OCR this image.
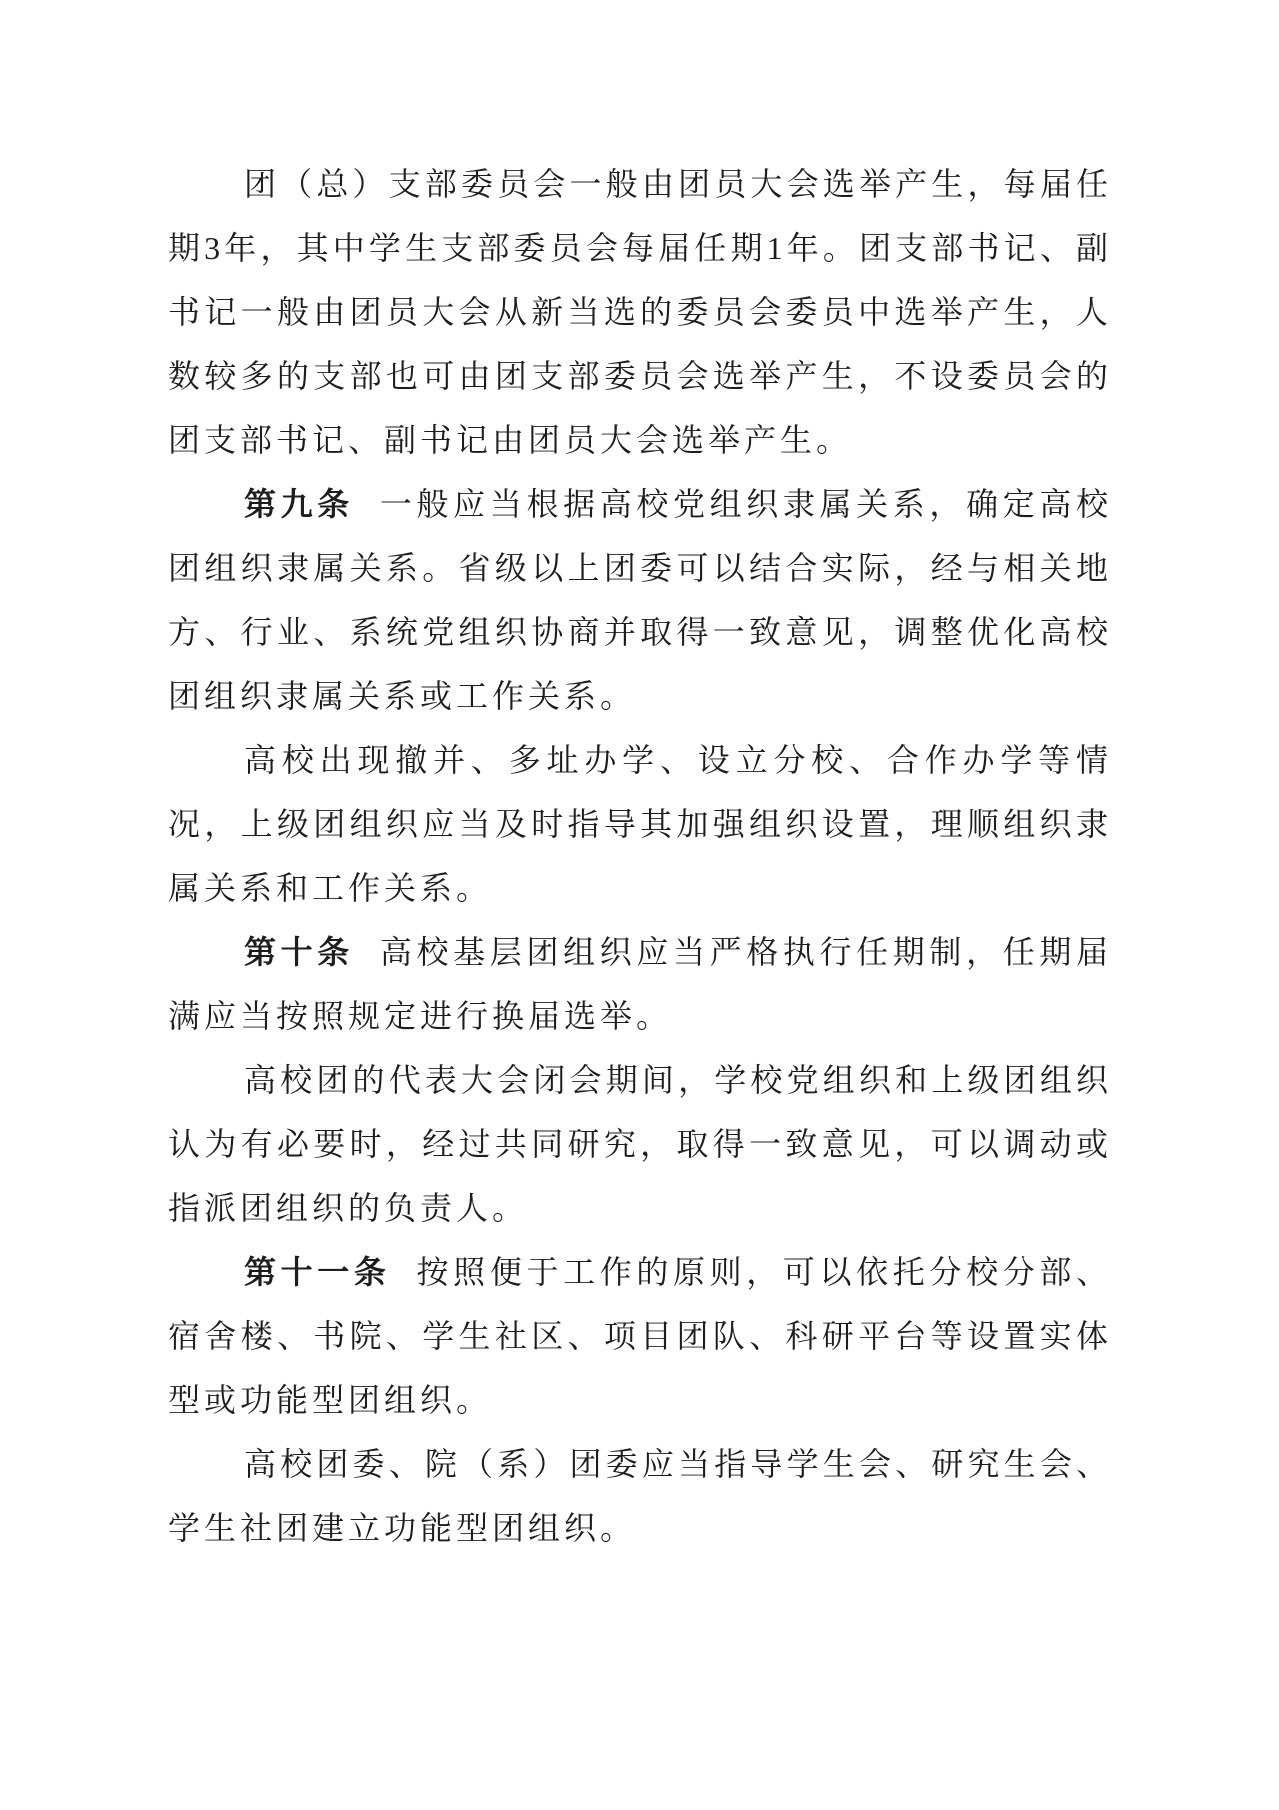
团（总）支部委员会一般由团员大会选举产生，每届任期3年，其中学生支部委员会每届任期1年。团支部书记、副书记一般由团员大会从新当选的委员会委员中选举产生，人数较多的支部也可由团支部委员会选举产生，不设委员会的团支部书记、副书记由团员大会选举产生。

第九条 一般应当根据高校党组织隶属关系，确定高校团组织隶属关系。省级以上团委可以结合实际，经与相关地方、行业、系统党组织协商并取得一致意见，调整优化高校团组织隶属关系或工作关系。

高校出现撤并、多址办学、设立分校、合作办学等情况，上级团组织应当及时指导其加强组织设置，理顺组织隶属关系和工作关系。

第十条 高校基层团组织应当严格执行任期制，任期届满应当按照规定进行换届选举。

高校团的代表大会闭会期间，学校党组织和上级团组织认为有必要时，经过共同研究，取得一致意见，可以调动或指派团组织的负责人。

第十一条 按照便于工作的原则，可以依托分校分部、宿舍楼、书院、学生社区、项目团队、科研平台等设置实体型或功能型团组织。

高校团委、院（系）团委应当指导学生会、研究生会、学生社团建立功能型团组织。
